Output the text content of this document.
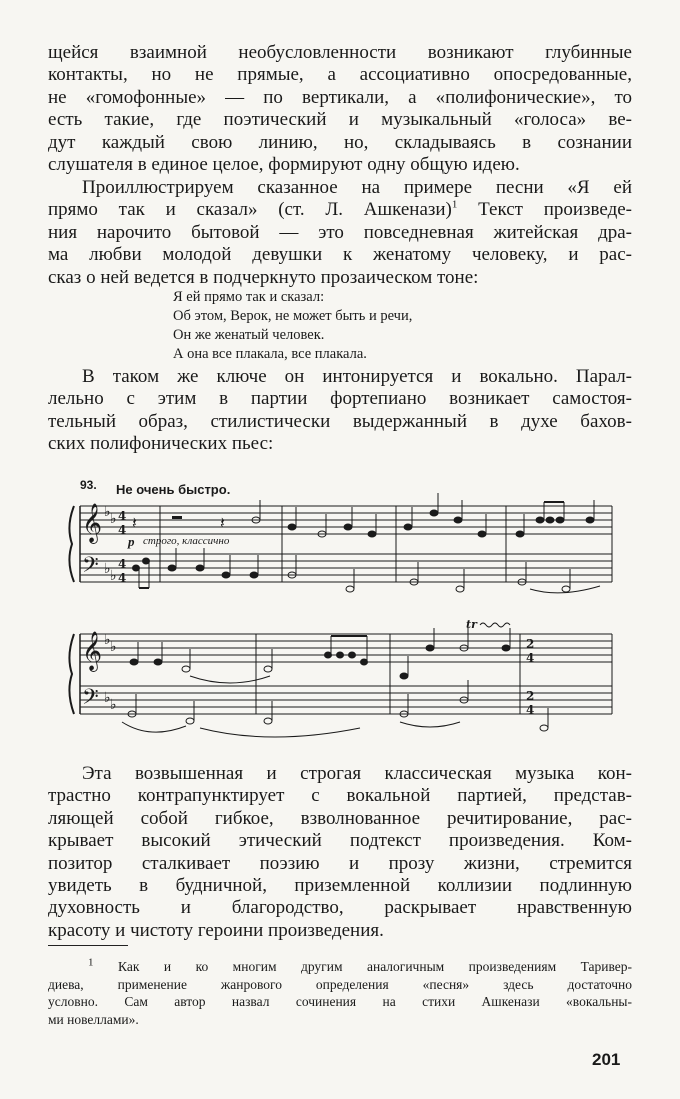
щейся взаимной необусловленности возникают глубинные
контакты, но не прямые, а ассоциативно опосредованные,
не «гомофонные» — по вертикали, а «полифонические», то
есть такие, где поэтический и музыкальный «голоса» ве-
дут каждый свою линию, но, складываясь в сознании
слушателя в единое целое, формируют одну общую идею.

Проиллюстрируем сказанное на примере песни «Я ей
прямо так и сказал» (ст. Л. Ашкенази)$^1$ Текст произведе-
ния нарочито бытовой — это повседневная житейская дра-
ма любви молодой девушки к женатому человеку, и рас-
сказ о ней ведется в подчеркнуто прозаическом тоне:

Я ей прямо так и сказал:
Об этом, Верок, не может быть и речи,
Он же женатый человек.
А она все плакала, все плакала.

В таком же ключе он интонируется и вокально. Парал-
лельно с этим в партии фортепиано возникает самостоя-
тельный образ, стилистически выдержанный в духе бахов-
ских полифонических пьес:

93. Не очень быстро.
p строго, классично
𝄞
𝄢
𝄞
𝄢
♭ ♭
♭ ♭
♭ ♭
♭ ♭
4
4
4
4
2
4
2
4
𝄽	𝄽
tr

Эта возвышенная и строгая классическая музыка кон-
трастно контрапунктирует с вокальной партией, представ-
ляющей собой гибкое, взволнованное речитирование, рас-
крывает высокий этический подтекст произведения. Ком-
позитор сталкивает поэзию и прозу жизни, стремится
увидеть в будничной, приземленной коллизии подлинную
духовность и благородство, раскрывает нравственную
красоту и чистоту героини произведения.

$^1$ Как и ко многим другим аналогичным произведениям Таривер-
диева, применение жанрового определения «песня» здесь достаточно
условно. Сам автор назвал сочинения на стихи Ашкенази «вокальны-
ми новеллами».

201
